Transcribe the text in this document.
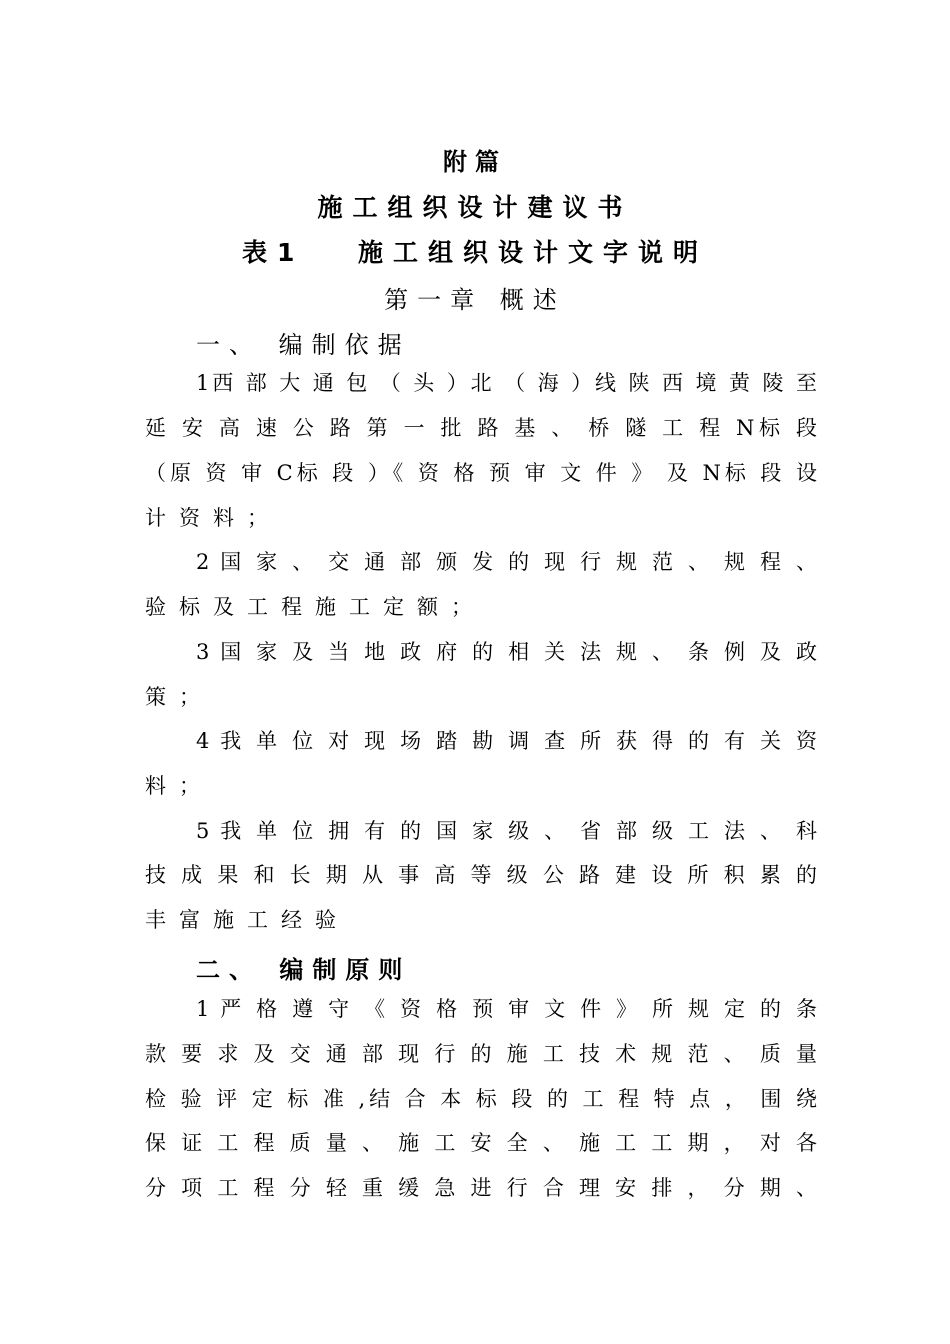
附篇
施工组织设计建议书
表1　 施工组织设计文字说明
第一章 概述
一、 编制依据
1西 部 大 通 包 （ 头 ）北 （ 海 ）线 陕 西 境 黄 陵 至
延 安 高 速 公 路 第 一 批 路 基 、 桥 隧 工 程 N标 段
（原 资 审 C标 段 ）《 资 格 预 审 文 件 》 及 N标 段 设
计资料；
2 国 家 、 交 通 部 颁 发 的 现 行 规 范 、 规 程 、
验标及工程施工定额；
3 国 家 及 当 地 政 府 的 相 关 法 规 、 条 例 及 政
策；
4 我 单 位 对 现 场 踏 勘 调 查 所 获 得 的 有 关 资
料；
5 我 单 位 拥 有 的 国 家 级 、 省 部 级 工 法 、 科
技 成 果 和 长 期 从 事 高 等 级 公 路 建 设 所 积 累 的
丰富施工经验
二、 编制原则
1 严 格 遵 守 《 资 格 预 审 文 件 》 所 规 定 的 条
款 要 求 及 交 通 部 现 行 的 施 工 技 术 规 范 、 质 量
检 验 评 定 标 准 ,结 合 本 标 段 的 工 程 特 点 ， 围 绕
保 证 工 程 质 量 、 施 工 安 全 、 施 工 工 期 ， 对 各
分 项 工 程 分 轻 重 缓 急 进 行 合 理 安 排 ， 分 期 、
